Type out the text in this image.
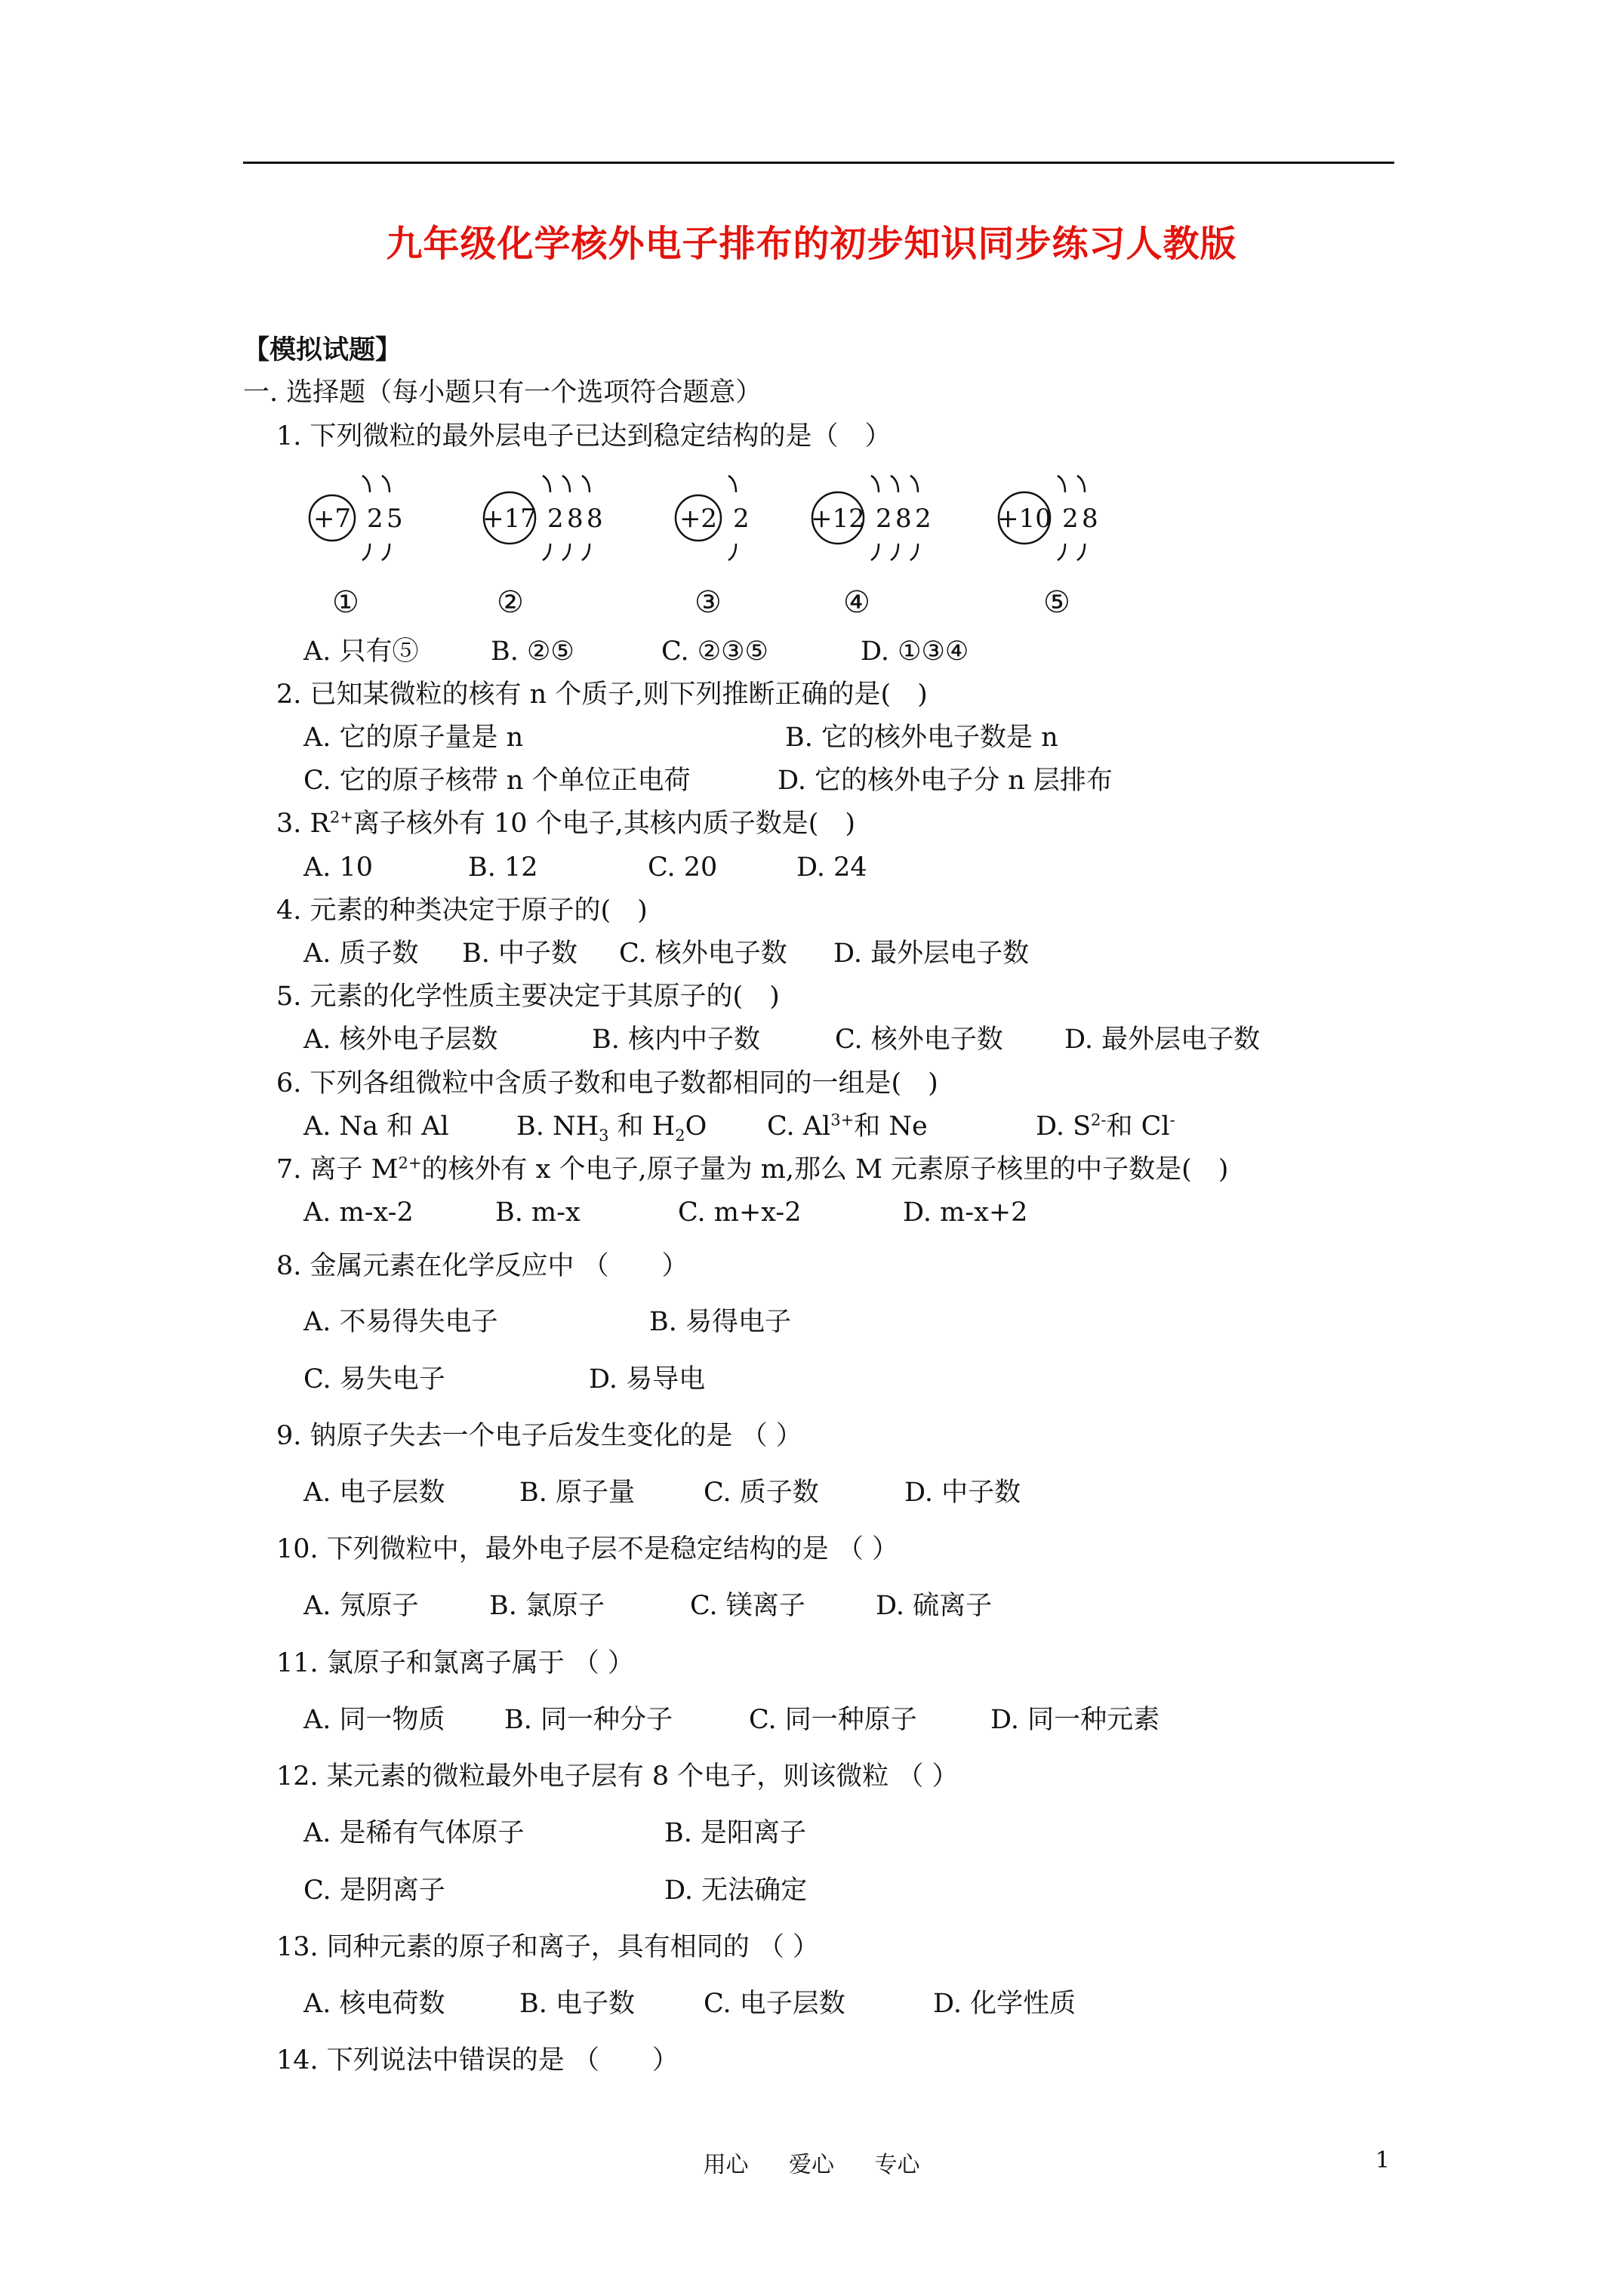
九年级化学核外电子排布的初步知识同步练习人教版
【模拟试题】
一. 选择题（每小题只有一个选项符合题意）
1. 下列微粒的最外层电子已达到稳定结构的是（　）
+7 2 5	+17 2 8 8	+2 2 +12 2 8 2	+10 2 8
①	②	③	④	⑤
A. 只有⑤	B. ②⑤	C. ②③⑤	D. ①③④
2. 已知某微粒的核有 n 个质子,则下列推断正确的是(　)
A. 它的原子量是 n	B. 它的核外电子数是 n
C. 它的原子核带 n 个单位正电荷	D. 它的核外电子分 n 层排布
3. $R^{2+}$离子核外有 10 个电子,其核内质子数是(　)
A. 10	B. 12	C. 20	D. 24
4. 元素的种类决定于原子的(　)
A. 质子数 B. 中子数 C. 核外电子数 D. 最外层电子数
5. 元素的化学性质主要决定于其原子的(　)
A. 核外电子层数	B. 核内中子数	C. 核外电子数 D. 最外层电子数
6. 下列各组微粒中含质子数和电子数都相同的一组是(　)
A. Na 和 Al	B. $NH_3$ 和 $H_2O$ C. $Al^{3+}$和 Ne	D. $S^{2-}$和 Cl-
7. 离子 $M^{2+}$的核外有 x 个电子,原子量为 m,那么 M 元素原子核里的中子数是(　)
A. m-x-2	B. m-x	C. m+x-2	D. m-x+2
8. 金属元素在化学反应中 （　　）
A. 不易得失电子	B. 易得电子
C. 易失电子	D. 易导电
9. 钠原子失去一个电子后发生变化的是 （ ）
A. 电子层数	B. 原子量	C. 质子数	D. 中子数
10. 下列微粒中，最外电子层不是稳定结构的是 （ ）
A. 氖原子	B. 氯原子	C. 镁离子	D. 硫离子
11. 氯原子和氯离子属于 （ ）
A. 同一物质 B. 同一种分子	C. 同一种原子	D. 同一种元素
12. 某元素的微粒最外电子层有 8 个电子，则该微粒 （ ）
A. 是稀有气体原子	B. 是阳离子
C. 是阴离子	D. 无法确定
13. 同种元素的原子和离子，具有相同的 （ ）
A. 核电荷数	B. 电子数	C. 电子层数	D. 化学性质
14. 下列说法中错误的是 （　　）
用心 爱心 专心	1
